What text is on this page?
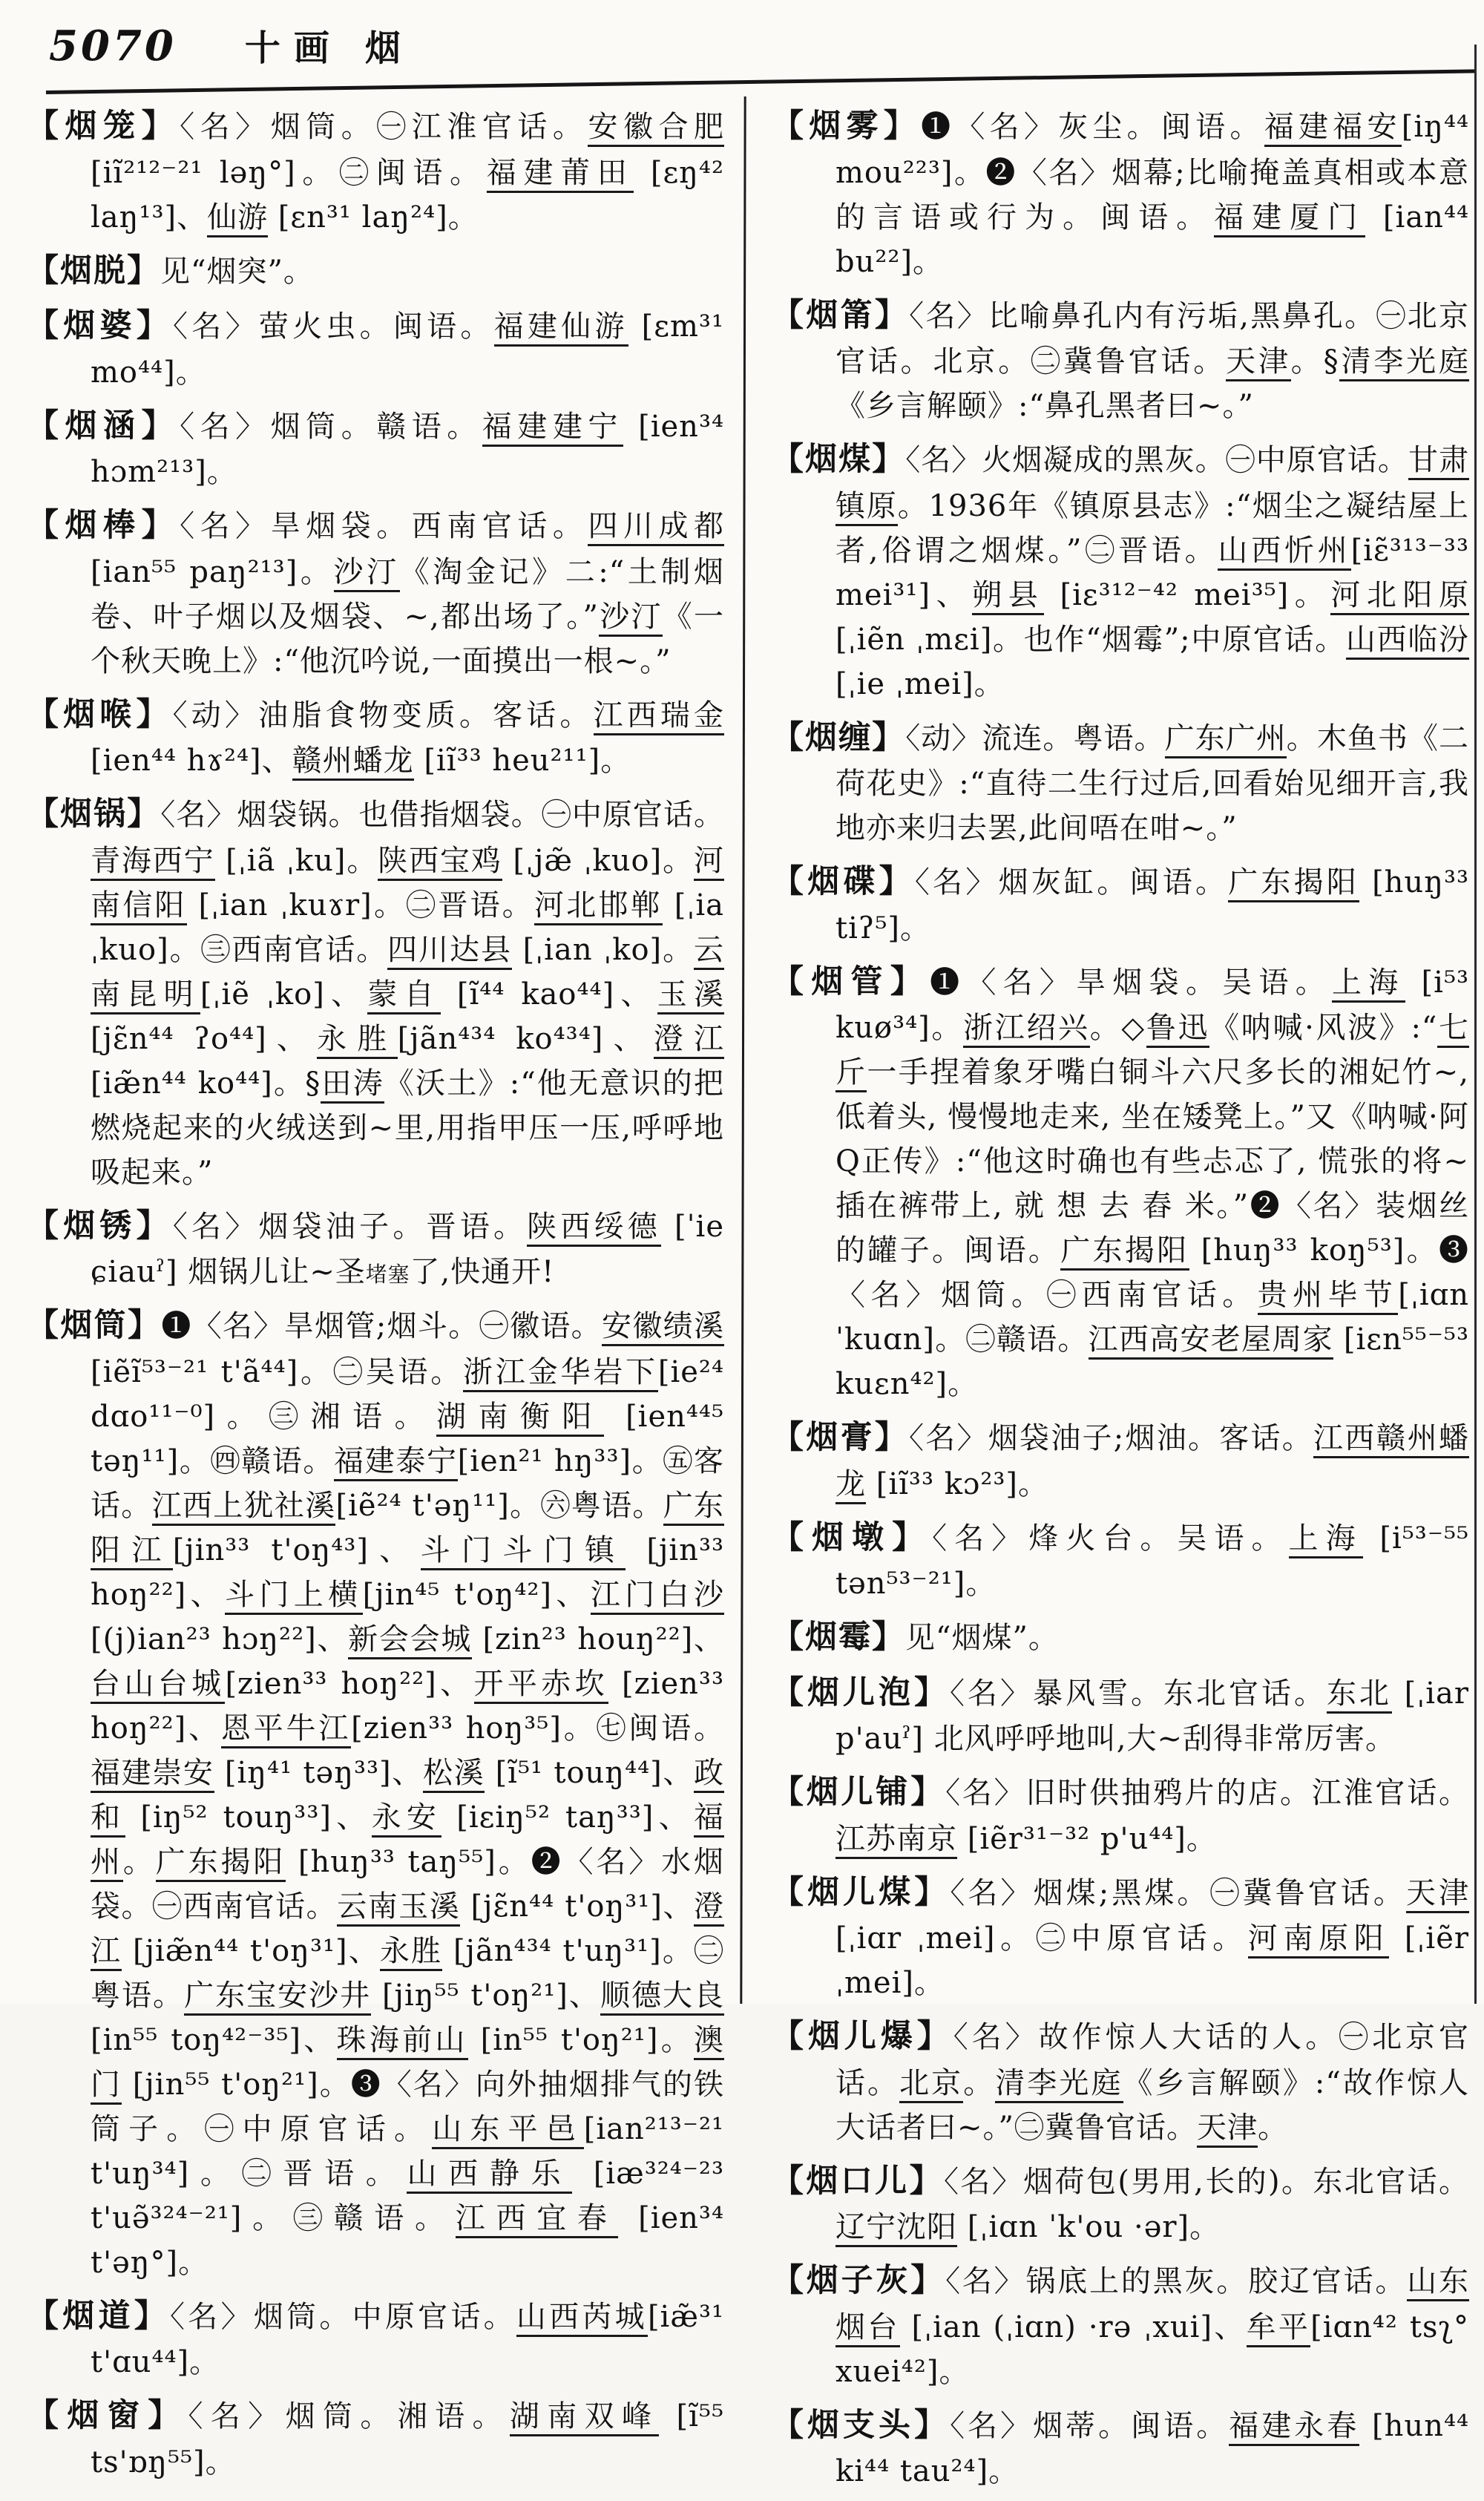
5070 十画 烟
【烟笼】〈名〉烟筒。㊀江淮官话。安徽合肥 [iĩ²¹²⁻²¹ ləŋ°]。㊁闽语。福建莆田 [ɛŋ⁴² laŋ¹³]、仙游 [ɛn³¹ laŋ²⁴]。
【烟脱】见“烟突”。
【烟婆】〈名〉萤火虫。闽语。福建仙游 [ɛm³¹ mo⁴⁴]。
【烟涵】〈名〉烟筒。赣语。福建建宁 [ien³⁴ hɔm²¹³]。
【烟棒】〈名〉旱烟袋。西南官话。四川成都 [ian⁵⁵ paŋ²¹³]。沙汀《淘金记》二:“土制烟卷、叶子烟以及烟袋、~,都出场了。”沙汀《一个秋天晚上》:“他沉吟说,一面摸出一根~。”
【烟喉】〈动〉油脂食物变质。客话。江西瑞金 [ien⁴⁴ hɤ²⁴]、赣州蟠龙 [iĩ³³ heu²¹¹]。
【烟锅】〈名〉烟袋锅。也借指烟袋。㊀中原官话。青海西宁 [ˌiã ˌku]。陕西宝鸡 [ˌjæ̃ ˌkuo]。河南信阳 [ˌian ˌkuɤr]。㊁晋语。河北邯郸 [ˌia ˌkuo]。㊂西南官话。四川达县 [ˌian ˌko]。云南昆明[ˌiẽ ˌko]、蒙自 [ĩ⁴⁴ kao⁴⁴]、玉溪 [jɛ̃n⁴⁴ ʔo⁴⁴]、永胜[jãn⁴³⁴ ko⁴³⁴]、澄江 [iæ̃n⁴⁴ ko⁴⁴]。§田涛《沃土》:“他无意识的把燃烧起来的火绒送到~里,用指甲压一压,呼呼地吸起来。”
【烟锈】〈名〉烟袋油子。晋语。陕西绥德 [ˈie ɕiauˀ] 烟锅儿让~圣堵塞了,快通开!
【烟筒】❶〈名〉旱烟管;烟斗。㊀徽语。安徽绩溪 [iẽĩ⁵³⁻²¹ t'ã⁴⁴]。㊁吴语。浙江金华岩下[ie²⁴ dɑo¹¹⁻⁰]。㊂湘语。湖南衡阳 [ien⁴⁴⁵ təŋ¹¹]。㊃赣语。福建泰宁[ien²¹ hŋ³³]。㊄客话。江西上犹社溪[iẽ²⁴ t'əŋ¹¹]。㊅粤语。广东阳江[jin³³ t'oŋ⁴³]、斗门斗门镇 [jin³³ hoŋ²²]、斗门上横[jin⁴⁵ t'oŋ⁴²]、江门白沙[(j)ian²³ hɔŋ²²]、新会会城 [zin²³ houŋ²²]、台山台城[zien³³ hoŋ²²]、开平赤坎 [zien³³ hoŋ²²]、恩平牛江[zien³³ hoŋ³⁵]。㊆闽语。福建崇安 [iŋ⁴¹ təŋ³³]、松溪 [ĩ⁵¹ touŋ⁴⁴]、政和 [iŋ⁵² touŋ³³]、永安 [iɛiŋ⁵² taŋ³³]、福州。广东揭阳 [huŋ³³ taŋ⁵⁵]。❷〈名〉水烟袋。㊀西南官话。云南玉溪 [jɛ̃n⁴⁴ t'oŋ³¹]、澄江 [jiæ̃n⁴⁴ t'oŋ³¹]、永胜 [jãn⁴³⁴ t'uŋ³¹]。㊁粤语。广东宝安沙井 [jiŋ⁵⁵ t'oŋ²¹]、顺德大良 [in⁵⁵ toŋ⁴²⁻³⁵]、珠海前山 [in⁵⁵ t'oŋ²¹]。澳门 [jin⁵⁵ t'oŋ²¹]。❸〈名〉向外抽烟排气的铁筒子。㊀中原官话。山东平邑[ian²¹³⁻²¹ t'uŋ³⁴]。㊁晋语。山西静乐 [iæ³²⁴⁻²³ t'uə̃³²⁴⁻²¹]。㊂赣语。江西宜春 [ien³⁴ t'əŋ°]。
【烟道】〈名〉烟筒。中原官话。山西芮城[iæ̃³¹ t'ɑu⁴⁴]。
【烟窗】〈名〉烟筒。湘语。湖南双峰 [ĩ⁵⁵ ts'ɒŋ⁵⁵]。
【烟雾】❶〈名〉灰尘。闽语。福建福安[iŋ⁴⁴ mou²²³]。❷〈名〉烟幕;比喻掩盖真相或本意的言语或行为。闽语。福建厦门 [ian⁴⁴ bu²²]。
【烟筩】〈名〉比喻鼻孔内有污垢,黑鼻孔。㊀北京官话。北京。㊁冀鲁官话。天津。§清李光庭《乡言解颐》:“鼻孔黑者曰~。”
【烟煤】〈名〉火烟凝成的黑灰。㊀中原官话。甘肃镇原。1936年《镇原县志》:“烟尘之凝结屋上者,俗谓之烟煤。”㊁晋语。山西忻州[iɛ̃³¹³⁻³³ mei³¹]、朔县 [iɛ³¹²⁻⁴² mei³⁵]。河北阳原 [ˌiẽn ˌmɛi]。也作“烟霉”;中原官话。山西临汾 [ˌie ˌmei]。
【烟缠】〈动〉流连。粤语。广东广州。木鱼书《二荷花史》:“直待二生行过后,回看始见细开言,我地亦来归去罢,此间唔在咁~。”
【烟碟】〈名〉烟灰缸。闽语。广东揭阳 [huŋ³³ tiʔ⁵]。
【烟管】❶〈名〉旱烟袋。吴语。上海 [i⁵³ kuø³⁴]。浙江绍兴。◇鲁迅《呐喊·风波》:“七斤一手捏着象牙嘴白铜斗六尺多长的湘妃竹~, 低着头, 慢慢地走来, 坐在矮凳上。”又《呐喊·阿Q正传》:“他这时确也有些忐忑了, 慌张的将~插在裤带上, 就 想 去 舂 米。”❷〈名〉装烟丝的罐子。闽语。广东揭阳 [huŋ³³ koŋ⁵³]。❸〈名〉烟筒。㊀西南官话。贵州毕节[ˌiɑn ˈkuɑn]。㊁赣语。江西高安老屋周家 [iɛn⁵⁵⁻⁵³ kuɛn⁴²]。
【烟膏】〈名〉烟袋油子;烟油。客话。江西赣州蟠龙 [iĩ³³ kɔ²³]。
【烟墩】〈名〉烽火台。吴语。上海 [i⁵³⁻⁵⁵ tən⁵³⁻²¹]。
【烟霉】见“烟煤”。
【烟儿泡】〈名〉暴风雪。东北官话。东北 [ˌiar p'auˀ] 北风呼呼地叫,大~刮得非常厉害。
【烟儿铺】〈名〉旧时供抽鸦片的店。江淮官话。江苏南京 [iẽr³¹⁻³² p'u⁴⁴]。
【烟儿煤】〈名〉烟煤;黑煤。㊀冀鲁官话。天津 [ˌiɑr ˌmei]。㊁中原官话。河南原阳 [ˌiẽr ˌmei]。
【烟儿爆】〈名〉故作惊人大话的人。㊀北京官话。北京。清李光庭《乡言解颐》:“故作惊人大话者曰~。”㊁冀鲁官话。天津。
【烟口儿】〈名〉烟荷包(男用,长的)。东北官话。辽宁沈阳 [ˌiɑn ˈk'ou ·ər]。
【烟子灰】〈名〉锅底上的黑灰。胶辽官话。山东烟台 [ˌian (ˌiɑn) ·rə ˌxui]、牟平[iɑn⁴² tsʅ° xuei⁴²]。
【烟支头】〈名〉烟蒂。闽语。福建永春 [hun⁴⁴ ki⁴⁴ tau²⁴]。
